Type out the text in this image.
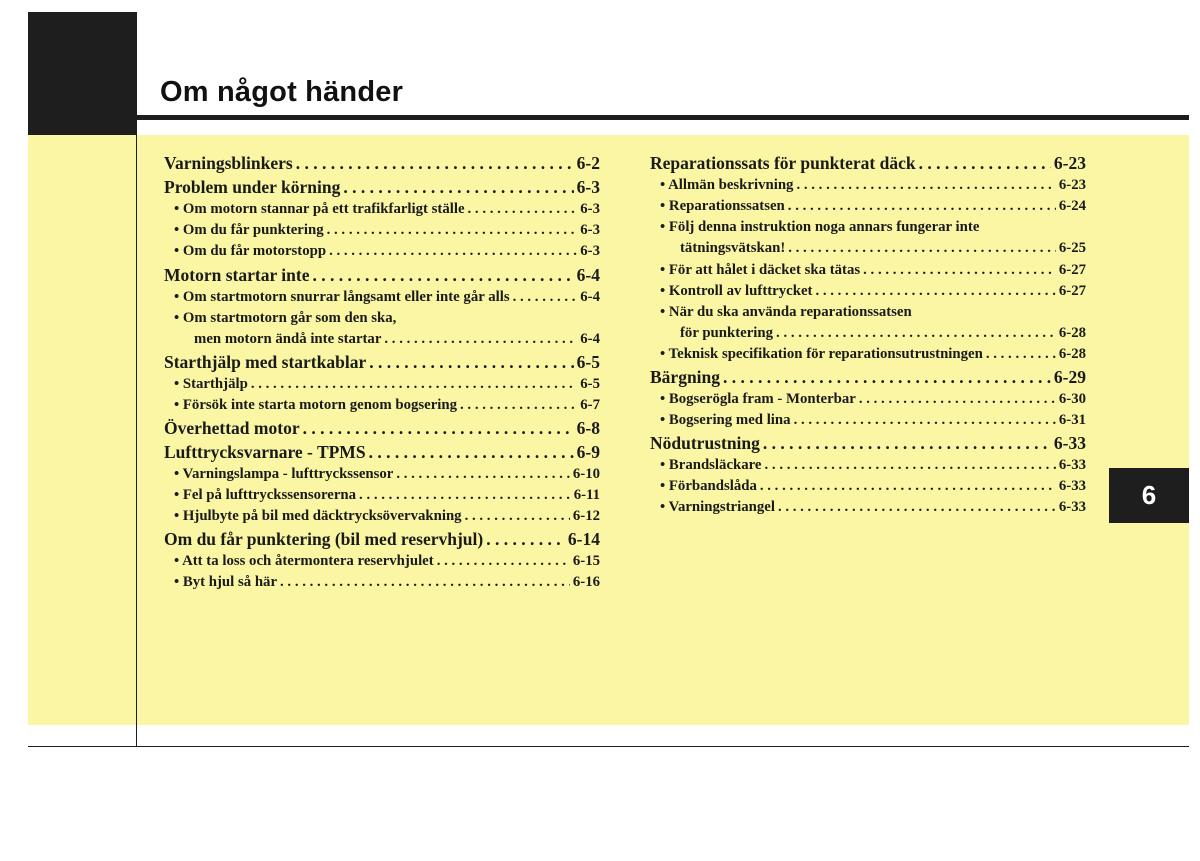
Om något händer
6
Varningsblinkers . . .	6-2
Problem under körning . . .	6-3
• Om motorn stannar på ett trafikfarligt ställe . . .	6-3
• Om du får punktering . . .	6-3
• Om du får motorstopp . . .	6-3
Motorn startar inte . . .	6-4
• Om startmotorn snurrar långsamt eller inte går alls . . .	6-4
• Om startmotorn går som den ska,
men motorn ändå inte startar . . .	6-4
Starthjälp med startkablar . . .	6-5
• Starthjälp . . .	6-5
• Försök inte starta motorn genom bogsering . . .	6-7
Överhettad motor . . .	6-8
Lufttrycksvarnare - TPMS . . .	6-9
• Varningslampa - lufttryckssensor . . .	6-10
• Fel på lufttryckssensorerna . . .	6-11
• Hjulbyte på bil med däcktrycksövervakning . . .	6-12
Om du får punktering (bil med reservhjul) . . .	6-14
• Att ta loss och återmontera reservhjulet . . .	6-15
• Byt hjul så här . . .	6-16
Reparationssats för punkterat däck . . .	6-23
• Allmän beskrivning . . .	6-23
• Reparationssatsen . . .	6-24
• Följ denna instruktion noga annars fungerar inte
tätningsvätskan! . . .	6-25
• För att hålet i däcket ska tätas . . .	6-27
• Kontroll av lufttrycket . . .	6-27
• När du ska använda reparationssatsen
för punktering . . .	6-28
• Teknisk specifikation för reparationsutrustningen . . .	6-28
Bärgning . . .	6-29
• Bogserögla fram - Monterbar . . .	6-30
• Bogsering med lina . . .	6-31
Nödutrustning . . .	6-33
• Brandsläckare . . .	6-33
• Förbandslåda . . .	6-33
• Varningstriangel . . .	6-33
